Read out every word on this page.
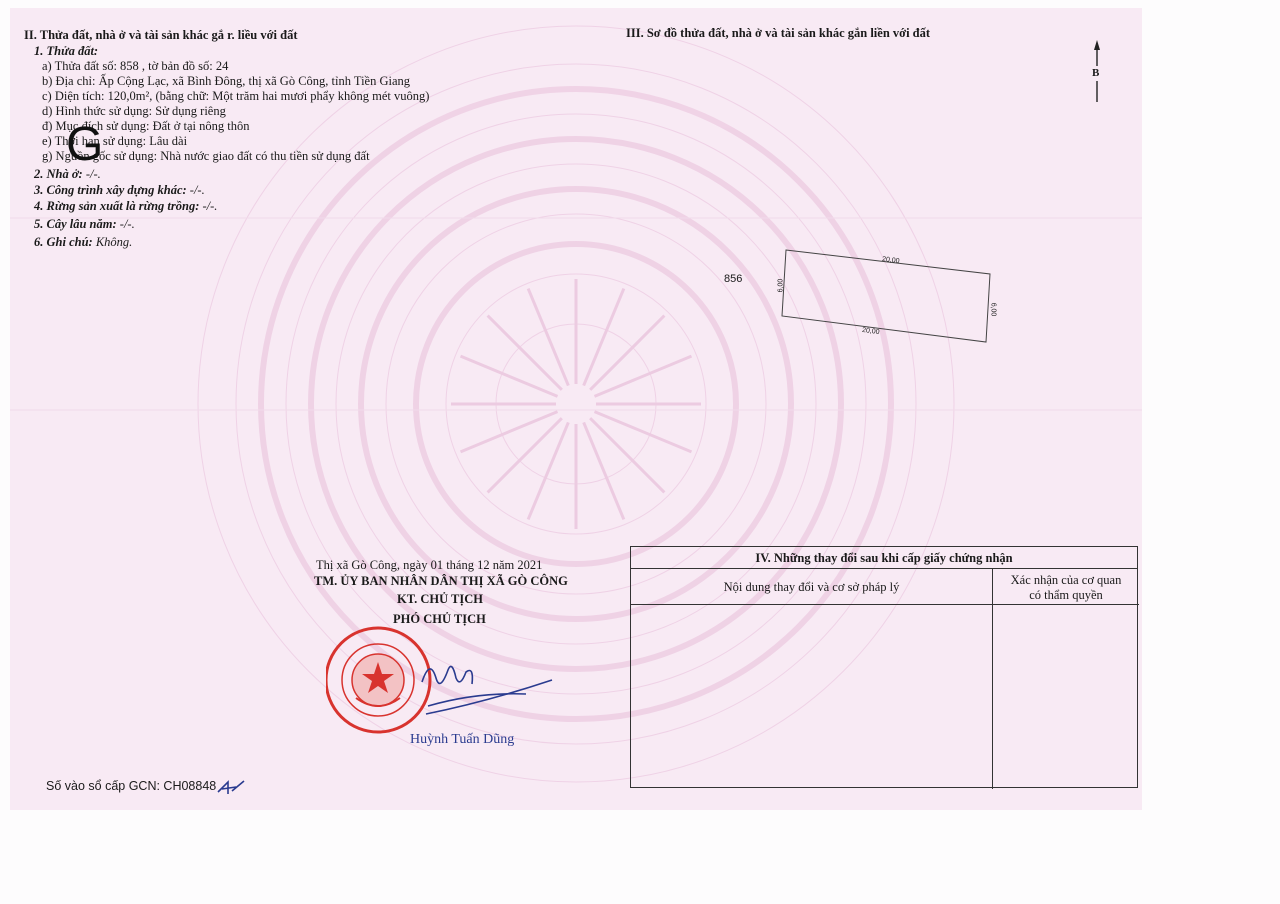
II. Thửa đất, nhà ở và tài sản khác gắ r. liều với đất
1. Thửa đất:
a) Thửa đất số: 858 , tờ bản đồ số: 24
b) Địa chỉ: Ấp Cộng Lạc, xã Bình Đông, thị xã Gò Công, tỉnh Tiền Giang
c) Diện tích: 120,0m², (bằng chữ: Một trăm hai mươi phẩy không mét vuông)
d) Hình thức sử dụng: Sử dụng riêng
đ) Mục đích sử dụng: Đất ở tại nông thôn
e) Thời hạn sử dụng: Lâu dài
g) Nguồn gốc sử dụng: Nhà nước giao đất có thu tiền sử dụng đất
2. Nhà ở: -/-.
3. Công trình xây dựng khác: -/-.
4. Rừng sản xuất là rừng trồng: -/-.
5. Cây lâu năm: -/-.
6. Ghi chú: Không.
G
III. Sơ đồ thửa đất, nhà ở và tài sản khác gắn liền với đất
B
856
20,00
20,00
6,00
6,00
Thị xã Gò Công, ngày 01 tháng 12 năm 2021
TM. ỦY BAN NHÂN DÂN THỊ XÃ GÒ CÔNG
KT. CHỦ TỊCH
PHÓ CHỦ TỊCH
Huỳnh Tuấn Dũng
Số vào sổ cấp GCN: CH08848
IV. Những thay đổi sau khi cấp giấy chứng nhận
Nội dung thay đổi và cơ sở pháp lý	Xác nhận của cơ quan
có thẩm quyền
